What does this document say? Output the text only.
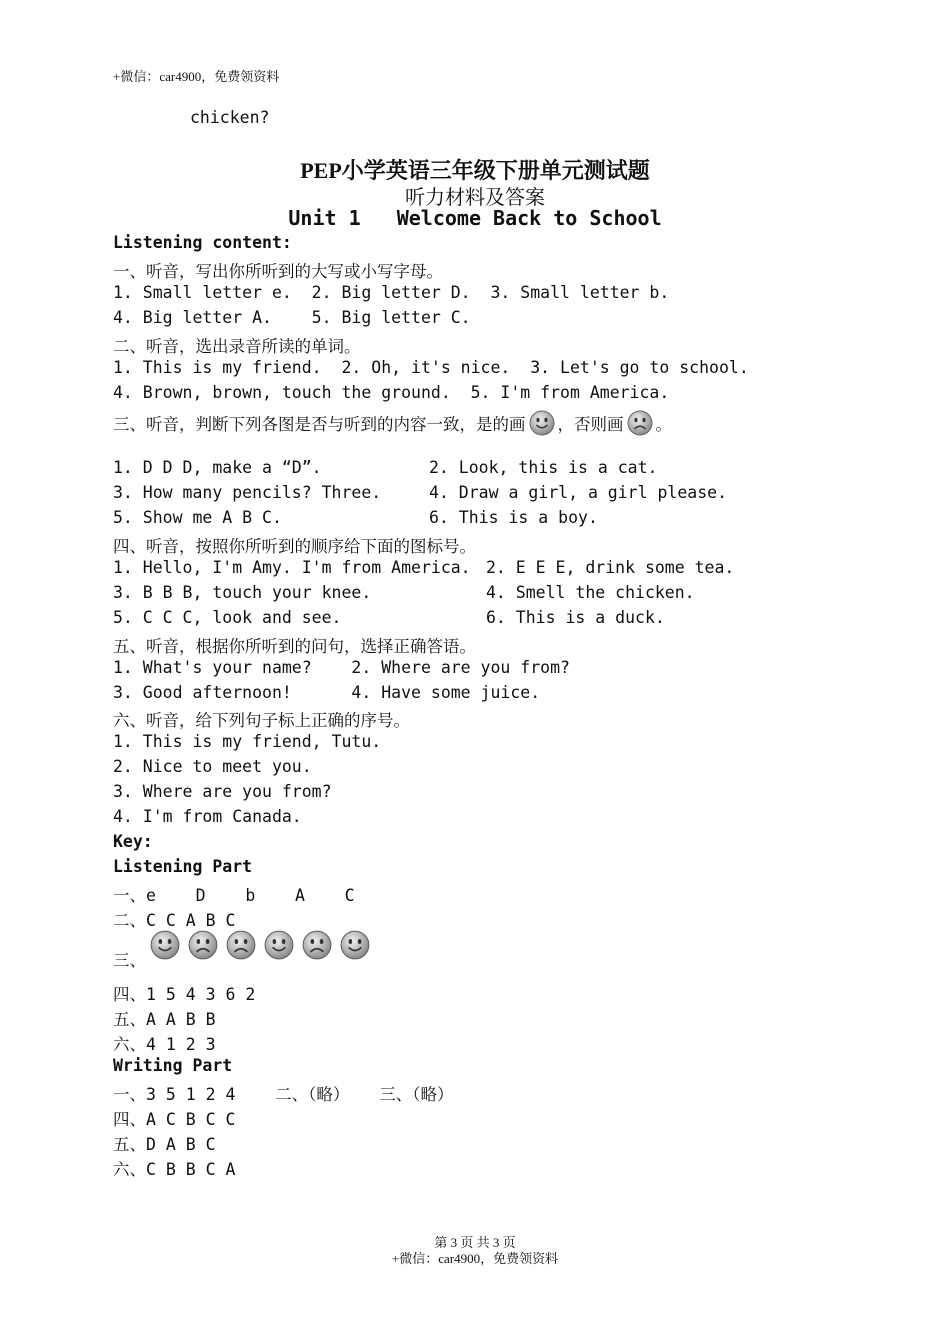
+微信：car4900，免费领资料
chicken?
PEP小学英语三年级下册单元测试题
听力材料及答案
Unit 1   Welcome Back to School
Listening content:
一、听音，写出你所听到的大写或小写字母。
1. Small letter e.  2. Big letter D.  3. Small letter b.
4. Big letter A.    5. Big letter C.
二、听音，选出录音所读的单词。
1. This is my friend.  2. Oh, it's nice.  3. Let's go to school.
4. Brown, brown, touch the ground.  5. I'm from America.
三、听音，判断下列各图是否与听到的内容一致，是的画 ，否则画 。
1. D D D, make a “D”.	2. Look, this is a cat.
3. How many pencils? Three.	4. Draw a girl, a girl please.
5. Show me A B C.	6. This is a boy.
四、听音，按照你所听到的顺序给下面的图标号。
1. Hello, I'm Amy. I'm from America. 2. E E E, drink some tea.
3. B B B, touch your knee.	4. Smell the chicken.
5. C C C, look and see.	6. This is a duck.
五、听音，根据你所听到的问句，选择正确答语。
1. What's your name?    2. Where are you from?
3. Good afternoon!      4. Have some juice.
六、听音，给下列句子标上正确的序号。
1. This is my friend, Tutu.
2. Nice to meet you.
3. Where are you from?
4. I'm from Canada.
Key:
Listening Part
一、e    D    b    A    C
二、C C A B C
三、
四、1 5 4 3 6 2
五、A A B B
六、4 1 2 3
Writing Part
一、3 5 1 2 4    二、（略）   三、（略）
四、A C B C C
五、D A B C
六、C B B C A
第 3 页 共 3 页
+微信：car4900，免费领资料
